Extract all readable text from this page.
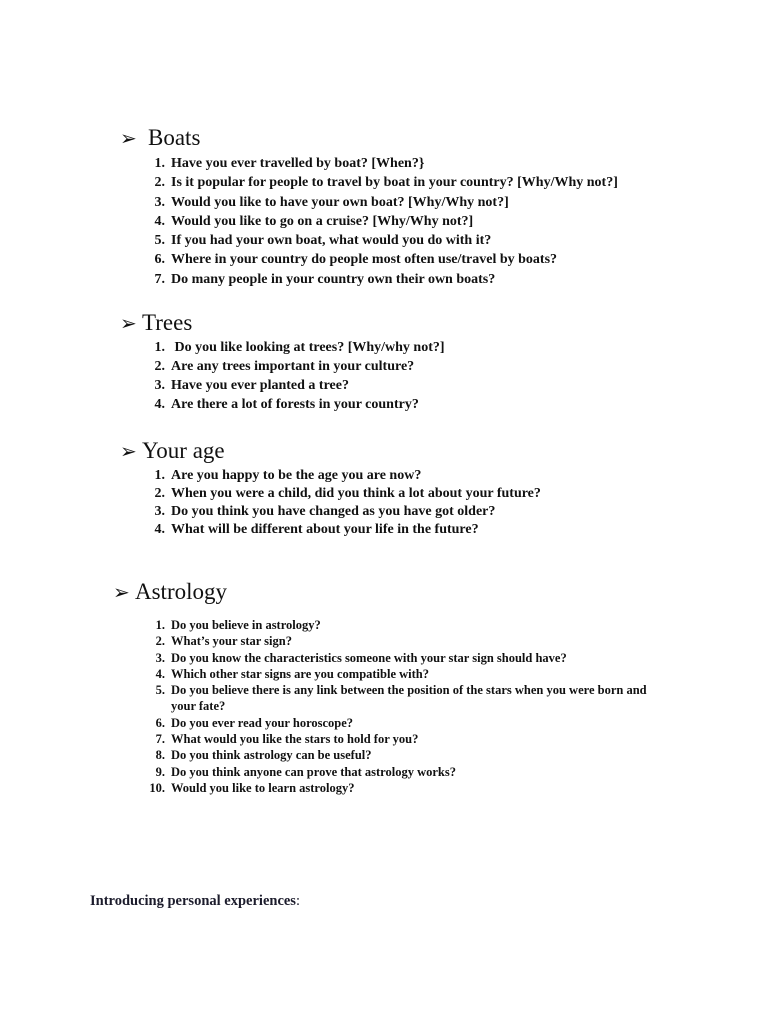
➢ Boats
1. Have you ever travelled by boat? [When?}
2. Is it popular for people to travel by boat in your country? [Why/Why not?]
3. Would you like to have your own boat? [Why/Why not?]
4. Would you like to go on a cruise? [Why/Why not?]
5. If you had your own boat, what would you do with it?
6. Where in your country do people most often use/travel by boats?
7. Do many people in your country own their own boats?
➢ Trees
1. Do you like looking at trees? [Why/why not?]
2. Are any trees important in your culture?
3. Have you ever planted a tree?
4. Are there a lot of forests in your country?
➢ Your age
1. Are you happy to be the age you are now?
2. When you were a child, did you think a lot about your future?
3. Do you think you have changed as you have got older?
4. What will be different about your life in the future?
➢ Astrology
1. Do you believe in astrology?
2. What’s your star sign?
3. Do you know the characteristics someone with your star sign should have?
4. Which other star signs are you compatible with?
5. Do you believe there is any link between the position of the stars when you were born and your fate?
6. Do you ever read your horoscope?
7. What would you like the stars to hold for you?
8. Do you think astrology can be useful?
9. Do you think anyone can prove that astrology works?
10. Would you like to learn astrology?
Introducing personal experiences:
